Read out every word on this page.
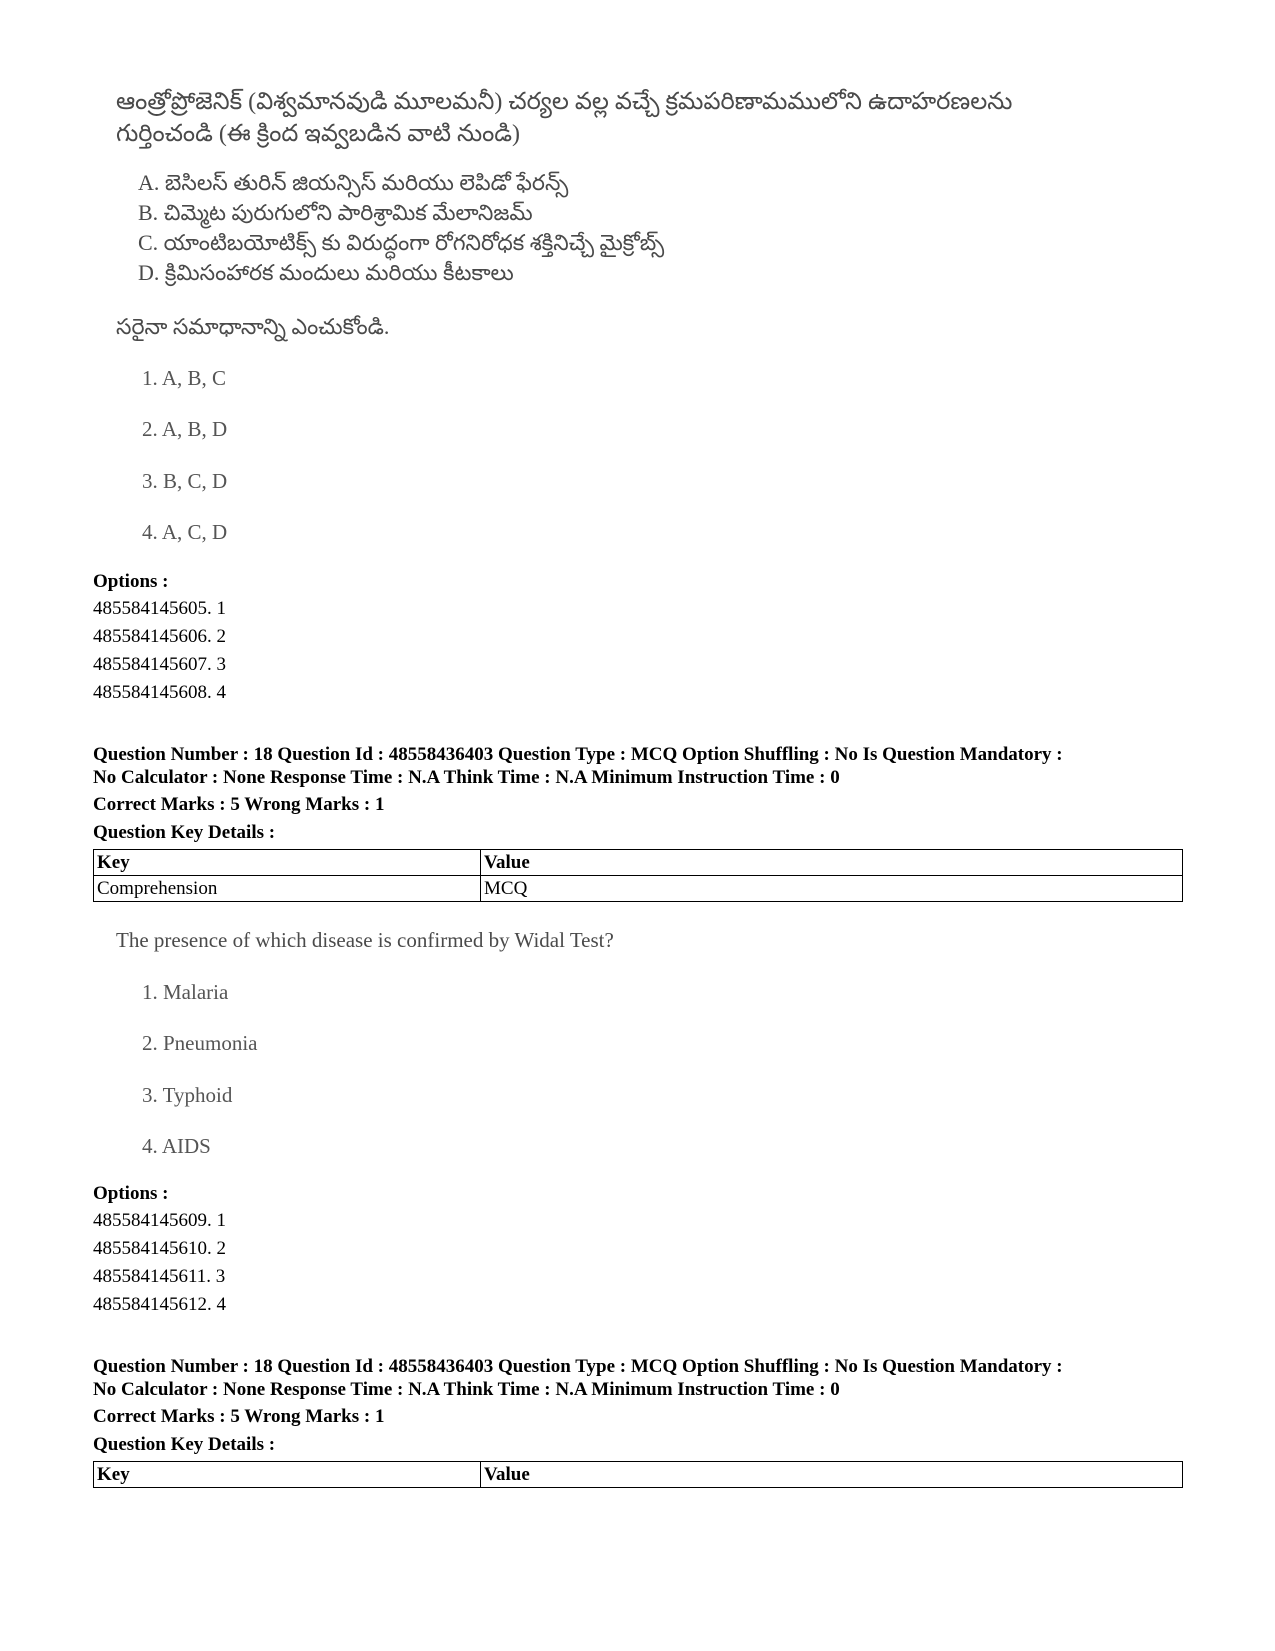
ఆంత్రోప్రోజెనిక్ (విశ్వమానవుడి మూలమనీ) చర్యల వల్ల వచ్చే క్రమపరిణామములోని ఉదాహరణలను
గుర్తించండి (ఈ క్రింద ఇవ్వబడిన వాటి నుండి)
A. బెసిలస్ తురిన్ జియన్సిస్ మరియు లెపిడో ఫేరన్స్
B. చిమ్మెట పురుగులోని పారిశ్రామిక మేలానిజమ్
C. యాంటిబయోటిక్స్ కు విరుద్ధంగా రోగనిరోధక శక్తినిచ్చే మైక్రోబ్స్
D. క్రిమిసంహారక మందులు మరియు కీటకాలు
సరైనా సమాధానాన్ని ఎంచుకోండి.
1. A, B, C
2. A, B, D
3. B, C, D
4. A, C, D
Options :
485584145605. 1
485584145606. 2
485584145607. 3
485584145608. 4
Question Number : 18 Question Id : 48558436403 Question Type : MCQ Option Shuffling : No Is Question Mandatory :
No Calculator : None Response Time : N.A Think Time : N.A Minimum Instruction Time : 0
Correct Marks : 5 Wrong Marks : 1
Question Key Details :
Key	Value
Comprehension	MCQ
The presence of which disease is confirmed by Widal Test?
1. Malaria
2. Pneumonia
3. Typhoid
4. AIDS
Options :
485584145609. 1
485584145610. 2
485584145611. 3
485584145612. 4
Question Number : 18 Question Id : 48558436403 Question Type : MCQ Option Shuffling : No Is Question Mandatory :
No Calculator : None Response Time : N.A Think Time : N.A Minimum Instruction Time : 0
Correct Marks : 5 Wrong Marks : 1
Question Key Details :
Key	Value
